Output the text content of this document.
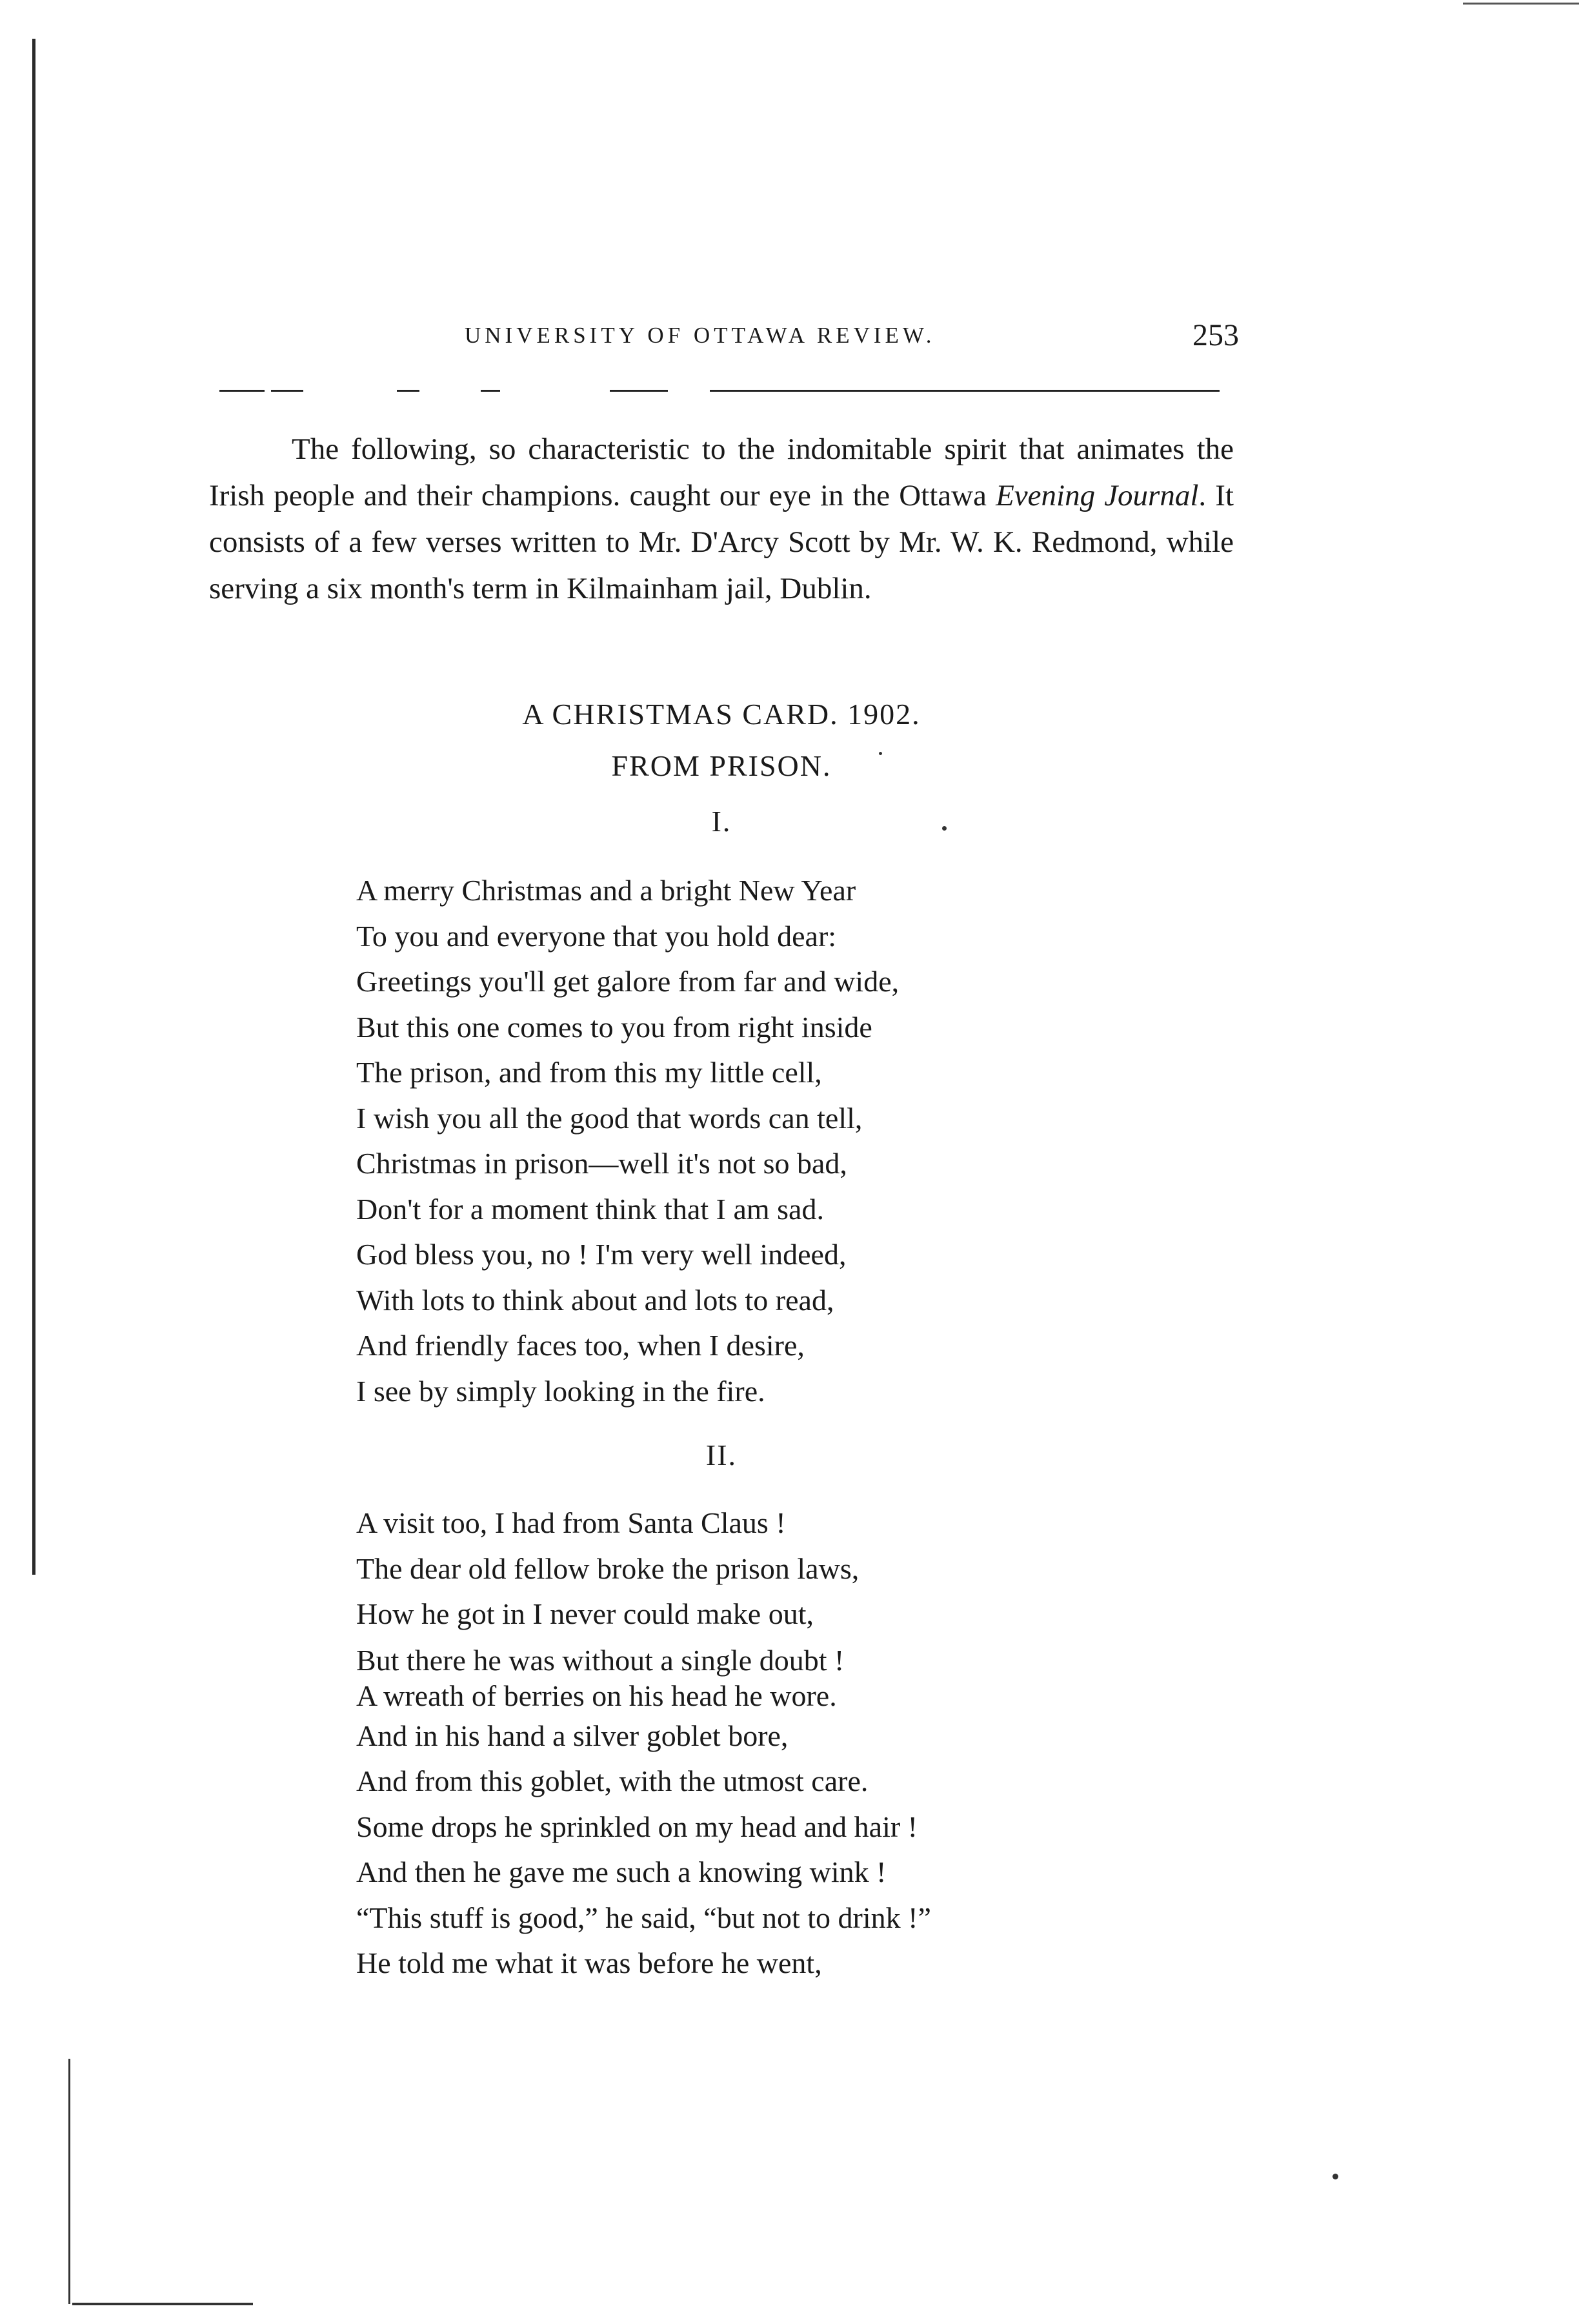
UNIVERSITY OF OTTAWA REVIEW.	253

The following, so characteristic to the indomitable spirit that animates the Irish people and their champions. caught our eye in the Ottawa Evening Journal. It consists of a few verses written to Mr. D'Arcy Scott by Mr. W. K. Redmond, while serving a six month's term in Kilmainham jail, Dublin.

A CHRISTMAS CARD. 1902.
FROM PRISON.
I.
A merry Christmas and a bright New Year
To you and everyone that you hold dear:
Greetings you'll get galore from far and wide,
But this one comes to you from right inside
The prison, and from this my little cell,
I wish you all the good that words can tell,
Christmas in prison—well it's not so bad,
Don't for a moment think that I am sad.
God bless you, no ! I'm very well indeed,
With lots to think about and lots to read,
And friendly faces too, when I desire,
I see by simply looking in the fire.
II.
A visit too, I had from Santa Claus !
The dear old fellow broke the prison laws,
How he got in I never could make out,
But there he was without a single doubt !
A wreath of berries on his head he wore.
And in his hand a silver goblet bore,
And from this goblet, with the utmost care.
Some drops he sprinkled on my head and hair !
And then he gave me such a knowing wink !
“This stuff is good,” he said, “but not to drink !”
He told me what it was before he went,
